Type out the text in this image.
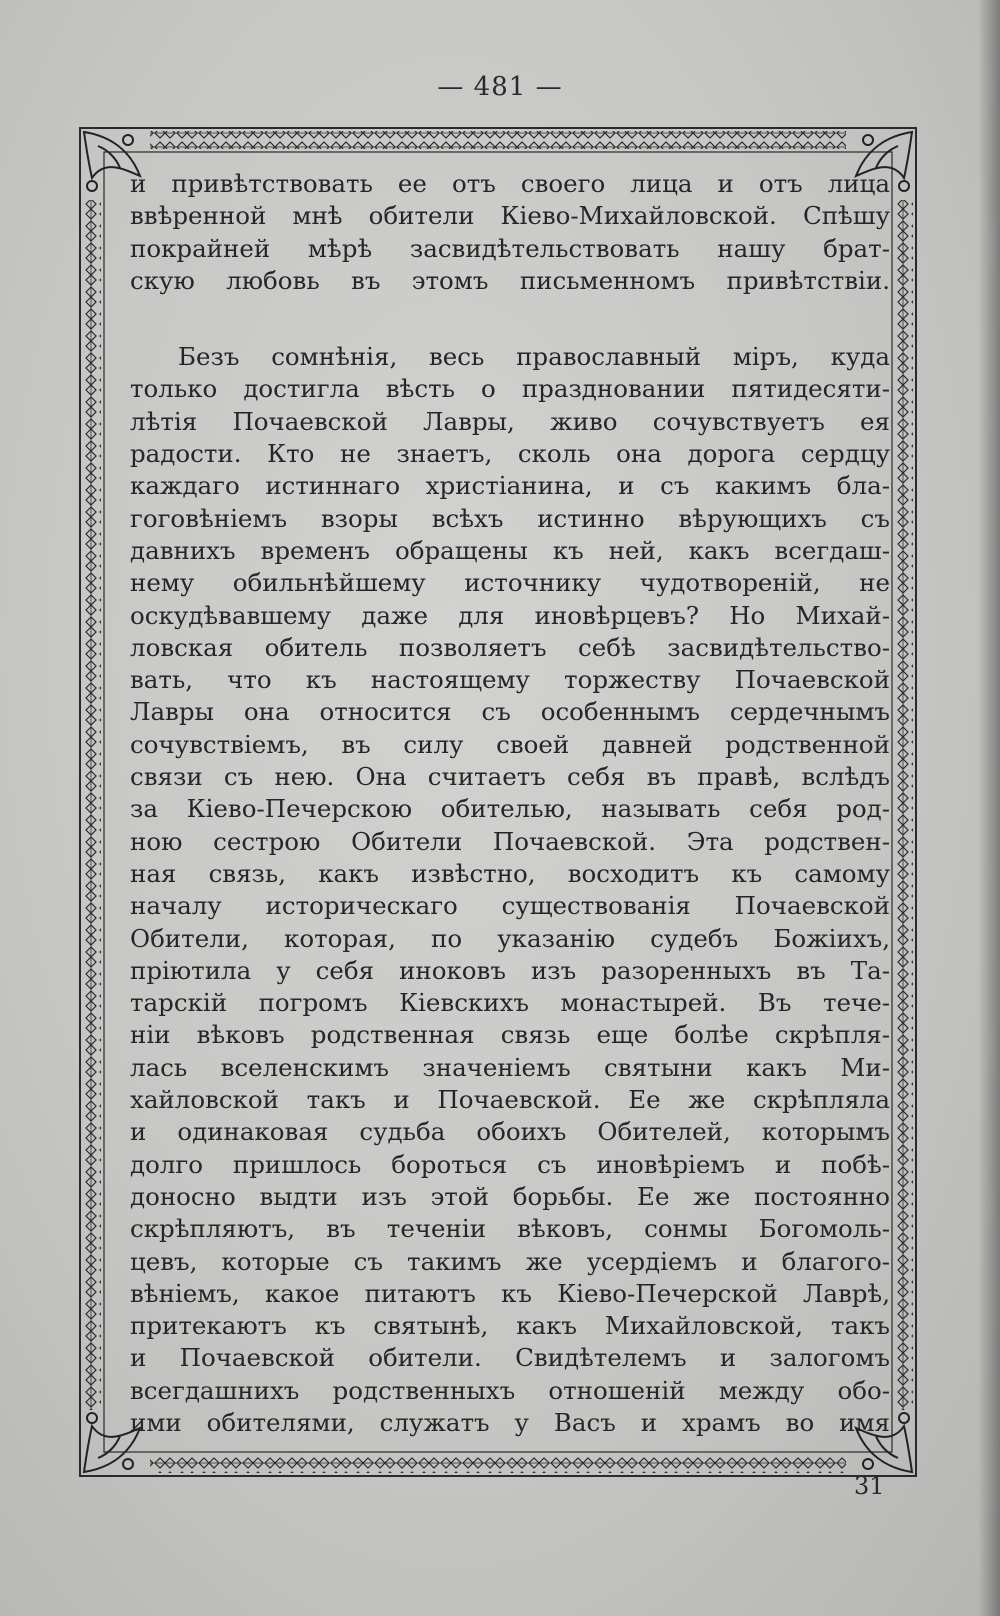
— 481 —
и привѣтствовать ее отъ своего лица и отъ лица
ввѣренной мнѣ обители Кіево-Михайловской. Спѣшу
покрайней мѣрѣ засвидѣтельствовать нашу брат-
скую любовь въ этомъ письменномъ привѣтствіи.
Безъ сомнѣнія, весь православный міръ, куда
только достигла вѣсть о праздновании пятидесяти-
лѣтія Почаевской Лавры, живо сочувствуетъ ея
радости. Кто не знаетъ, сколь она дорога сердцу
каждаго истиннаго христіанина, и съ какимъ бла-
гоговѣніемъ взоры всѣхъ истинно вѣрующихъ съ
давнихъ временъ обращены къ ней, какъ всегдаш-
нему обильнѣйшему источнику чудотвореній, не
оскудѣвавшему даже для иновѣрцевъ? Но Михай-
ловская обитель позволяетъ себѣ засвидѣтельство-
вать, что къ настоящему торжеству Почаевской
Лавры она относится съ особеннымъ сердечнымъ
сочувствіемъ, въ силу своей давней родственной
связи съ нею. Она считаетъ себя въ правѣ, вслѣдъ
за Кіево-Печерскою обителью, называть себя род-
ною сестрою Обители Почаевской. Эта родствен-
ная связь, какъ извѣстно, восходитъ къ самому
началу историческаго существованія Почаевской
Обители, которая, по указанію судебъ Божіихъ,
пріютила у себя иноковъ изъ разоренныхъ въ Та-
тарскій погромъ Кіевскихъ монастырей. Въ тече-
ніи вѣковъ родственная связь еще болѣе скрѣпля-
лась вселенскимъ значеніемъ святыни какъ Ми-
хайловской такъ и Почаевской. Ее же скрѣпляла
и одинаковая судьба обоихъ Обителей, которымъ
долго пришлось бороться съ иновѣріемъ и побѣ-
доносно выдти изъ этой борьбы. Ее же постоянно
скрѣпляютъ, въ теченіи вѣковъ, сонмы Богомоль-
цевъ, которые съ такимъ же усердіемъ и благого-
вѣніемъ, какое питаютъ къ Кіево-Печерской Лаврѣ,
притекаютъ къ святынѣ, какъ Михайловской, такъ
и Почаевской обители. Свидѣтелемъ и залогомъ
всегдашнихъ родственныхъ отношеній между обо-
ими обителями, служатъ у Васъ и храмъ во имя
31
